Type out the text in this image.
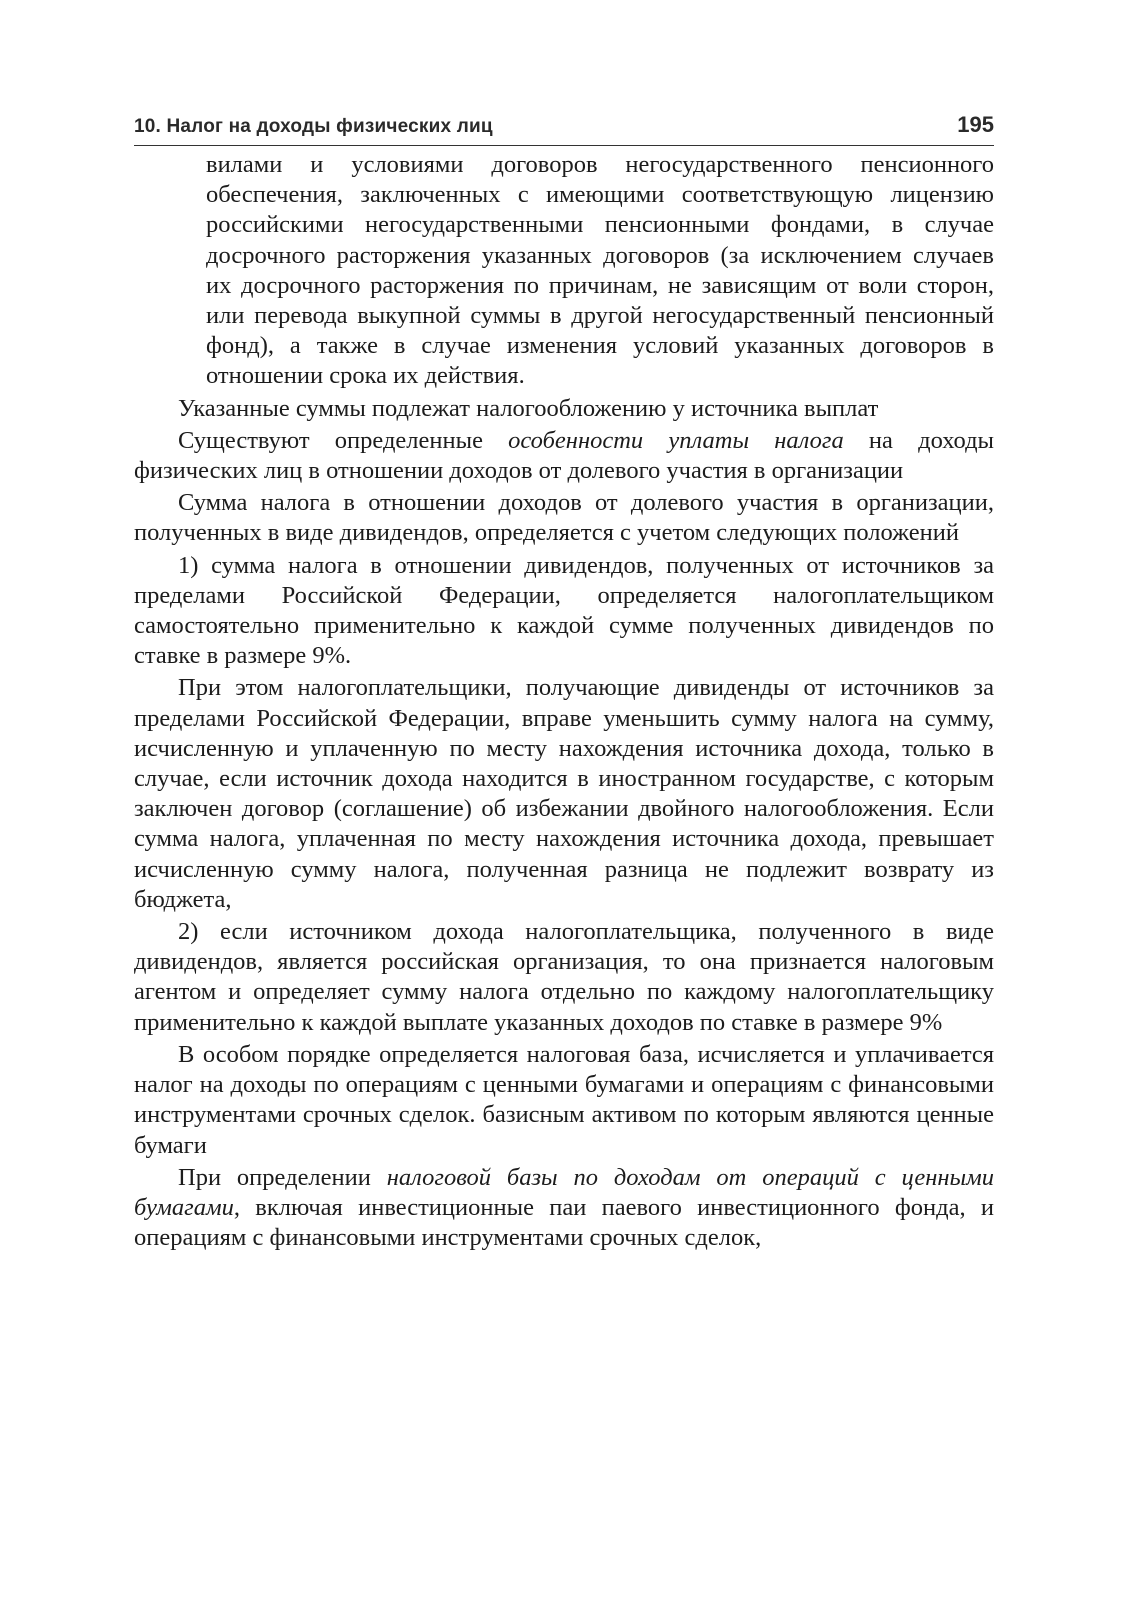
10. Налог на доходы физических лиц	195

вилами и условиями договоров негосударственного пенсионного обеспечения, заключенных с имеющими соответствующую лицензию российскими негосударственными пенсионными фондами, в случае досрочного расторжения указанных договоров (за исключением случаев их досрочного расторжения по причинам, не зависящим от воли сторон, или перевода выкупной суммы в другой негосударственный пенсионный фонд), а также в случае изменения условий указанных договоров в отношении срока их действия.

Указанные суммы подлежат налогообложению у источника выплат

Существуют определенные особенности уплаты налога на доходы физических лиц в отношении доходов от долевого участия в организации

Сумма налога в отношении доходов от долевого участия в организации, полученных в виде дивидендов, определяется с учетом следующих положений

1) сумма налога в отношении дивидендов, полученных от источников за пределами Российской Федерации, определяется налогоплательщиком самостоятельно применительно к каждой сумме полученных дивидендов по ставке в размере 9%.

При этом налогоплательщики, получающие дивиденды от источников за пределами Российской Федерации, вправе уменьшить сумму налога на сумму, исчисленную и уплаченную по месту нахождения источника дохода, только в случае, если источник дохода находится в иностранном государстве, с которым заключен договор (соглашение) об избежании двойного налогообложения. Если сумма налога, уплаченная по месту нахождения источника дохода, превышает исчисленную сумму налога, полученная разница не подлежит возврату из бюджета,

2) если источником дохода налогоплательщика, полученного в виде дивидендов, является российская организация, то она признается налоговым агентом и определяет сумму налога отдельно по каждому налогоплательщику применительно к каждой выплате указанных доходов по ставке в размере 9%

В особом порядке определяется налоговая база, исчисляется и уплачивается налог на доходы по операциям с ценными бумагами и операциям с финансовыми инструментами срочных сделок. базисным активом по которым являются ценные бумаги

При определении налоговой базы по доходам от операций с ценными бумагами, включая инвестиционные паи паевого инвестиционного фонда, и операциям с финансовыми инструментами срочных сделок,
